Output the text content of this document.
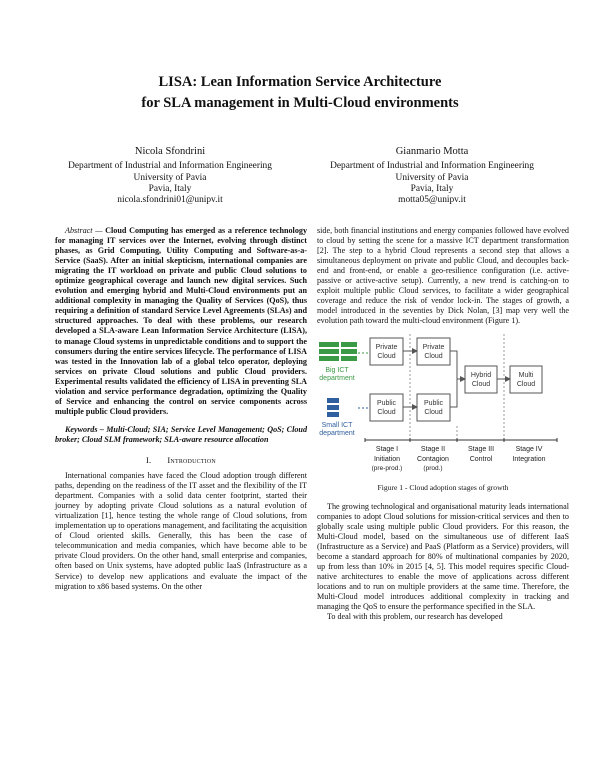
LISA: Lean Information Service Architecture
for SLA management in Multi-Cloud environments
Nicola Sfondrini
Department of Industrial and Information Engineering
University of Pavia
Pavia, Italy
nicola.sfondrini01@unipv.it
Gianmario Motta
Department of Industrial and Information Engineering
University of Pavia
Pavia, Italy
motta05@unipv.it

Abstract — Cloud Computing has emerged as a reference technology for managing IT services over the Internet, evolving through distinct phases, as Grid Computing, Utility Computing and Software-as-a-Service (SaaS). After an initial skepticism, international companies are migrating the IT workload on private and public Cloud solutions to optimize geographical coverage and launch new digital services. Such evolution and emerging hybrid and Multi-Cloud environments put an additional complexity in managing the Quality of Services (QoS), thus requiring a definition of standard Service Level Agreements (SLAs) and structured approaches. To deal with these problems, our research developed a SLA-aware Lean Information Service Architecture (LISA), to manage Cloud systems in unpredictable conditions and to support the consumers during the entire services lifecycle. The performance of LISA was tested in the Innovation lab of a global telco operator, deploying services on private Cloud solutions and public Cloud providers. Experimental results validated the efficiency of LISA in preventing SLA violation and service performance degradation, optimizing the Quality of Service and enhancing the control on service components across multiple public Cloud providers.

Keywords – Multi-Cloud; SIA; Service Level Management; QoS; Cloud broker; Cloud SLM framework; SLA-aware resource allocation

I. Introduction

International companies have faced the Cloud adoption trough different paths, depending on the readiness of the IT asset and the flexibility of the IT department. Companies with a solid data center footprint, started their journey by adopting private Cloud solutions as a natural evolution of virtualization [1], hence testing the whole range of Cloud solutions, from implementation up to operations management, and facilitating the acquisition of Cloud oriented skills. Generally, this has been the case of telecommunication and media companies, which have become able to be private Cloud providers. On the other hand, small enterprise and companies, often based on Unix systems, have adopted public IaaS (Infrastructure as a Service) to develop new applications and evaluate the impact of the migration to x86 based systems. On the other

side, both financial institutions and energy companies followed have evolved to cloud by setting the scene for a massive ICT department transformation [2]. The step to a hybrid Cloud represents a second step that allows a simultaneous deployment on private and public Cloud, and decouples back-end and front-end, or enable a geo-resilience configuration (i.e. active-passive or active-active setup). Currently, a new trend is catching-on to exploit multiple public Cloud services, to facilitate a wider geographical coverage and reduce the risk of vendor lock-in. The stages of growth, a model introduced in the seventies by Dick Nolan, [3] map very well the evolution path toward the multi-cloud environment (Figure 1).

Big ICT
department
Small ICT
department
Private
Cloud
Private
Cloud
Public
Cloud
Public
Cloud
Hybrid
Cloud
Multi
Cloud
Stage I
Initiation
(pre-prod.)
Stage II
Contagion
(prod.)
Stage III
Control
Stage IV
Integration
Figure 1 - Cloud adoption stages of growth

The growing technological and organisational maturity leads international companies to adopt Cloud solutions for mission-critical services and then to globally scale using multiple public Cloud providers. For this reason, the Multi-Cloud model, based on the simultaneous use of different IaaS (Infrastructure as a Service) and PaaS (Platform as a Service) providers, will become a standard approach for 80% of multinational companies by 2020, up from less than 10% in 2015 [4, 5]. This model requires specific Cloud-native architectures to enable the move of applications across different locations and to run on multiple providers at the same time. Therefore, the Multi-Cloud model introduces additional complexity in tracking and managing the QoS to ensure the performance specified in the SLA.

To deal with this problem, our research has developed
